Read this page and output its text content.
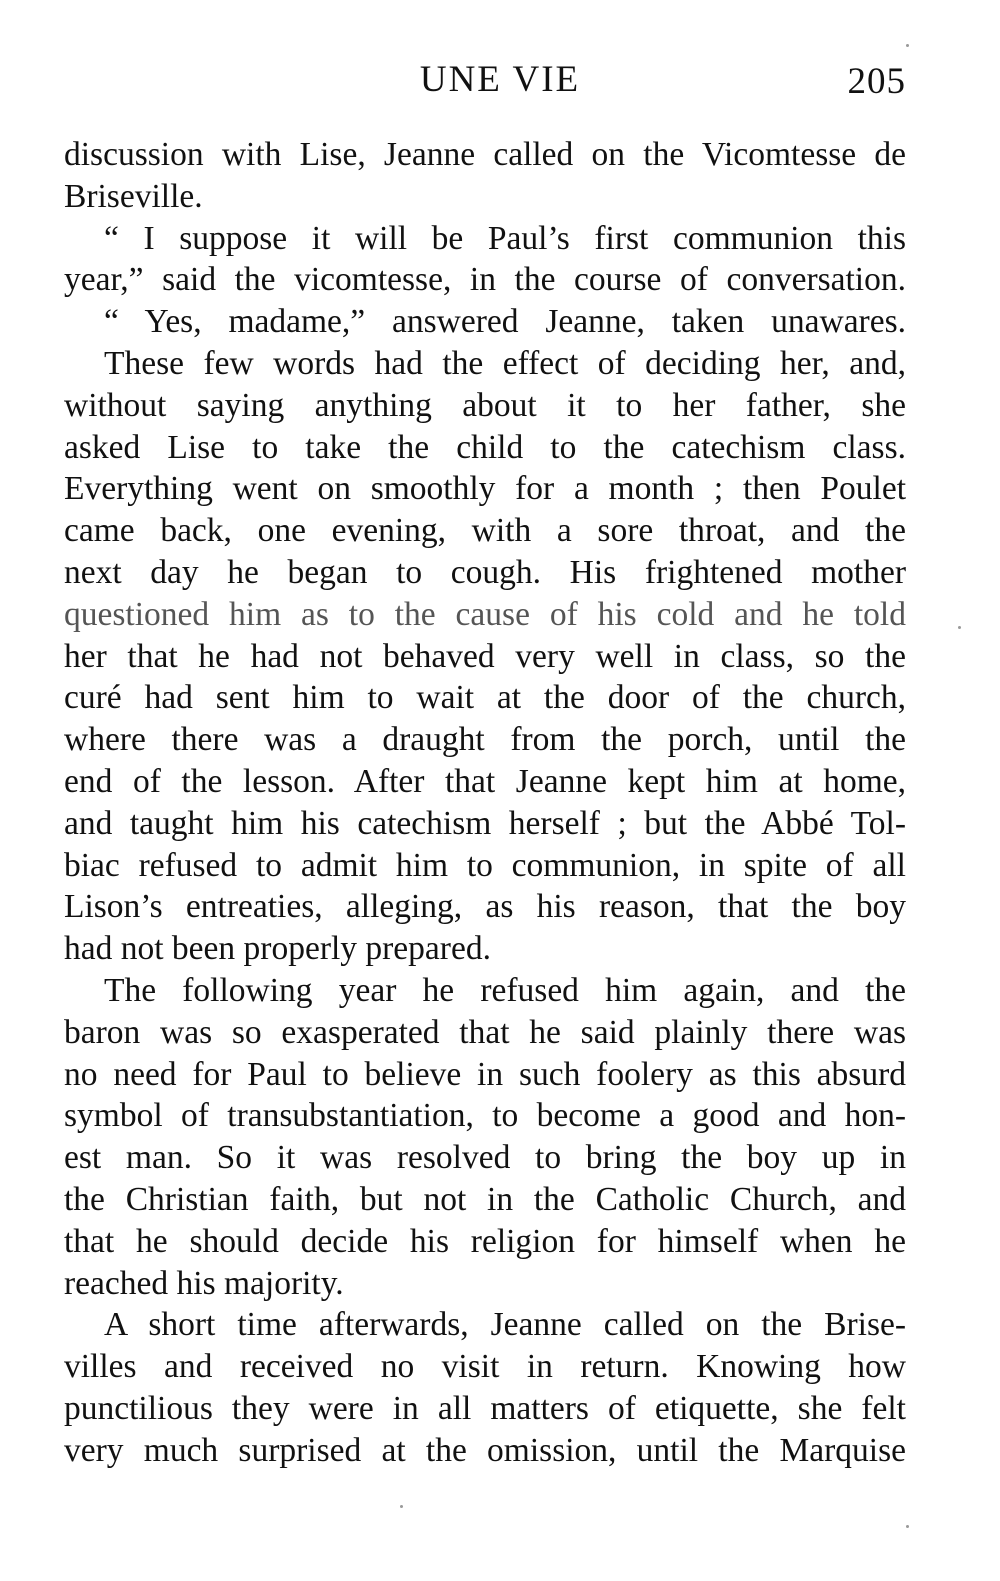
UNE VIE	205
discussion with Lise, Jeanne called on the Vicomtesse de
Briseville.
“ I suppose it will be Paul’s first communion this
year,” said the vicomtesse, in the course of conversation.
“ Yes, madame,” answered Jeanne, taken unawares.
These few words had the effect of deciding her, and,
without saying anything about it to her father, she
asked Lise to take the child to the catechism class.
Everything went on smoothly for a month ; then Poulet
came back, one evening, with a sore throat, and the
next day he began to cough. His frightened mother
questioned him as to the cause of his cold and he told
her that he had not behaved very well in class, so the
curé had sent him to wait at the door of the church,
where there was a draught from the porch, until the
end of the lesson. After that Jeanne kept him at home,
and taught him his catechism herself ; but the Abbé Tol-
biac refused to admit him to communion, in spite of all
Lison’s entreaties, alleging, as his reason, that the boy
had not been properly prepared.
The following year he refused him again, and the
baron was so exasperated that he said plainly there was
no need for Paul to believe in such foolery as this absurd
symbol of transubstantiation, to become a good and hon-
est man. So it was resolved to bring the boy up in
the Christian faith, but not in the Catholic Church, and
that he should decide his religion for himself when he
reached his majority.
A short time afterwards, Jeanne called on the Brise-
villes and received no visit in return. Knowing how
punctilious they were in all matters of etiquette, she felt
very much surprised at the omission, until the Marquise
